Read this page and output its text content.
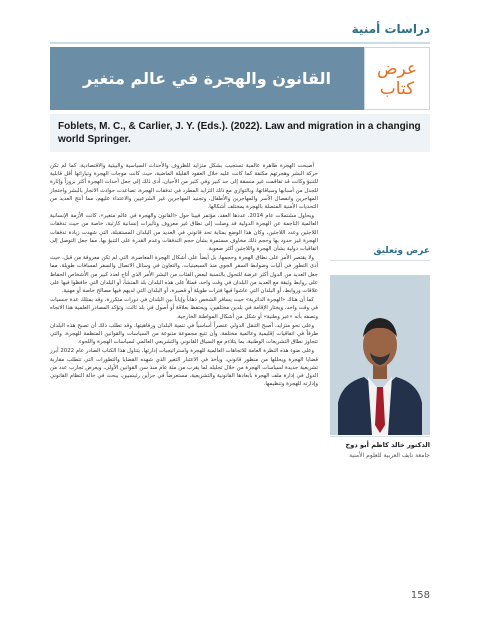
دراسات أمنية
القانون والهجرة في عالم متغير	عرض
كتاب
Foblets, M. C., & Carlier, J. Y. (Eds.). (2022). Law and migration in a changing world Springer.

أصبحت الهجرة ظاهرة عالمية تستجيب بشكل متزايد للظروف والأحداث السياسية والبيئية والاقتصادية، كما لم تكن حركة البشر وهجرتهم مكثفة كما كانت عليه خلال العقود القليلة الماضية، حيث كانت موجات الهجرة وتياراتها أقل قابلية للتنبؤ وكانت قد تفاقمت غير منسقة إلى حد كبير وفي كثير من الأحيان، أدى ذلك إلى جعل أحداث الهجرة أكثر بروزاً وإثارة للجدل من أسبابها وسياقاتها، وبالتوازي مع ذلك التزايد المطرد في تدفقات الهجرة، تصاعدت حوادث الاتجار بالبشر واحتجاز المهاجرين وانفصال الأسر والمهاجرين والأطفال، وتجنيد المهاجرين غير الشرعيين والاعتداء عليهم، مما أنتج العديد من التحديات الأمنية المتصلة بالهجرة بمختلف أشكالها.

ويحاول مشتملات عام 2014، عددها العقد، مؤتمر فيينا حول «القانون والهجرة في عالم متغير»، كانت الأزمة الإنسانية العالمية الناجمة عن الهجرة الدولية قد وصلت إلى نطاق غير معروف وتأثيرات إنسانية كارثية، خاصة من حيث تدفقات اللاجئين وعدد اللاجئين، وكان هذا الوضع بمثابة تحد قانوني في العديد من البلدان المستقبلة، التي شهدت زيادة تدفقات الهجرة غير حدود بها وحجم ذلك مخاوف مستمرة بشأن حجم التدفقات وعدم القدرة على التنبؤ بها، مما جعل التوصل إلى اتفاقيات دولية بشأن الهجرة واللاجئين أكثر صعوبة.

ولا يقتصر الأمر على نطاق الهجرة وحجمها، بل أيضاً على أشكال الهجرة المعاصرة، التي لم تكن معروفة من قبل، حيث أدى التطور في آليات وضوابط السفر الجوي منذ السبعينيات، والتعاون في وسائل الاتصال والسفر لمسافات طويلة، مما جعل العديد من الدول أكثر عرضة للتحول بالنسبة لبعض الفئات من البشر الأمر الذي أتاح لعدد كبير من الأشخاص الحفاظ على روابط وثيقة مع العديد من البلدان في وقت واحد، فمثلاً على هذه البلدان بلد المنشأ، أو البلدان التي حافظوا فيها على علاقات وروابط، أو البلدان التي عاشوا فيها فترات طويلة أو قصيرة، أو البلدان التي لديهم فيها مصالح خاصة أو مهنية.

كما أن هناك «الهجرة الدائرية» حيث يسافر الشخص ذهاباً وإياباً بين البلدان في دورات متكررة، وقد يمتلك عدة جنسيات في وقت واحد، ويختار الإقامة في بلدين مختلفين، ويحتفظ بعلاقة أو أصول في بلد ثالث، وتؤكد المصادر العلمية هذا الاتجاه وتصفه بأنه «عبر وطنية» أو شكل من أشكال المواطنة الخارجية.

وعلى نحو متزايد، أصبح التنقل الدولي عنصراً أساسياً في تنمية البلدان ورفاهيتها، وقد تطلب ذلك أن تصبح هذه البلدان طرفاً في اتفاقيات إقليمية وعالمية مختلفة، وأن تتبع مجموعة متنوعة من السياسات والقوانين المنظمة للهجرة، والتي تتجاوز نطاق التشريعات الوطنية، بما يتلاءم مع السياق القانوني والتشريعي العالمي لسياسات الهجرة واللجوء.

وعلى ضوء هذه النظرة العامة للاتجاهات العالمية للهجرة واستراتيجيات إدارتها، يتناول هذا الكتاب الصادر عام 2022 أبرز قضايا الهجرة ويحللها من منظور قانوني، ويأخذ في الاعتبار التغير الذي شهده القضايا والتطورات التي تتطلب مقاربة تشريعية جديدة لسياسات الهجرة من خلال تحليله لما يقرب من مئة عام منذ سن القوانين الأولى، ويعرض تجارب عدد من الدول في إدارة ملف الهجرة بأبعادها القانونية والتشريعية، مستعرضاً في جزأين رئيسيين، يبحث في حالة النظام القانوني وإدارته للهجرة وتنظيمها.

عرض وتعليق
الدكتور خالد كاظم أبو دوح
جامعة نايف العربية للعلوم الأمنية
158
